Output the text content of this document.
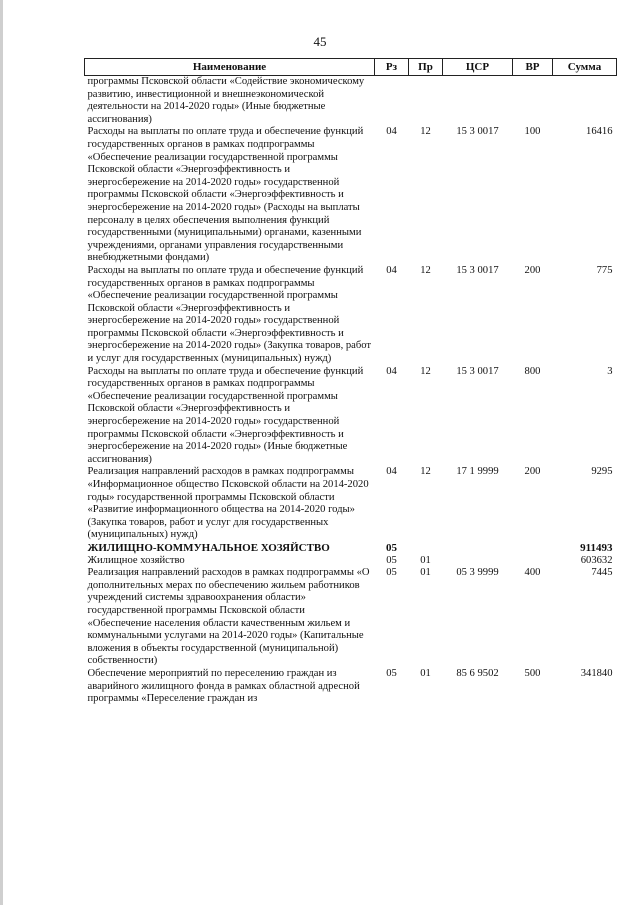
45
Наименование	Рз	Пр	ЦСР	ВР	Сумма
программы Псковской области «Содействие экономическому развитию, инвестиционной и внешнеэкономической деятельности на 2014-2020 годы» (Иные бюджетные ассигнования)					
Расходы на выплаты по оплате труда и обеспечение функций государственных органов в рамках подпрограммы «Обеспечение реализации государственной программы Псковской области «Энергоэффективность и энергосбережение на 2014-2020 годы» государственной программы Псковской области «Энергоэффективность и энергосбережение на 2014-2020 годы» (Расходы на выплаты персоналу в целях обеспечения выполнения функций государственными (муниципальными) органами, казенными учреждениями, органами управления государственными внебюджетными фондами)	04	12	15 3 0017	100	16416
Расходы на выплаты по оплате труда и обеспечение функций государственных органов в рамках подпрограммы «Обеспечение реализации государственной программы Псковской области «Энергоэффективность и энергосбережение на 2014-2020 годы» государственной программы Псковской области «Энергоэффективность и энергосбережение на 2014-2020 годы» (Закупка товаров, работ и услуг для государственных (муниципальных) нужд)	04	12	15 3 0017	200	775
Расходы на выплаты по оплате труда и обеспечение функций государственных органов в рамках подпрограммы «Обеспечение реализации государственной программы Псковской области «Энергоэффективность и энергосбережение на 2014-2020 годы» государственной программы Псковской области «Энергоэффективность и энергосбережение на 2014-2020 годы» (Иные бюджетные ассигнования)	04	12	15 3 0017	800	3
Реализация направлений расходов в рамках подпрограммы «Информационное общество Псковской области на 2014-2020 годы» государственной программы Псковской области «Развитие информационного общества на 2014-2020 годы» (Закупка товаров, работ и услуг для государственных (муниципальных) нужд)	04	12	17 1 9999	200	9295
ЖИЛИЩНО-КОММУНАЛЬНОЕ ХОЗЯЙСТВО	05				911493
Жилищное хозяйство	05	01			603632
Реализация направлений расходов в рамках подпрограммы «О дополнительных мерах по обеспечению жильем работников учреждений системы здравоохранения области» государственной программы Псковской области «Обеспечение населения области качественным жильем и коммунальными услугами на 2014-2020 годы» (Капитальные вложения в объекты государственной (муниципальной) собственности)	05	01	05 3 9999	400	7445
Обеспечение мероприятий по переселению граждан из аварийного жилищного фонда в рамках областной адресной программы «Переселение граждан из	05	01	85 6 9502	500	341840
